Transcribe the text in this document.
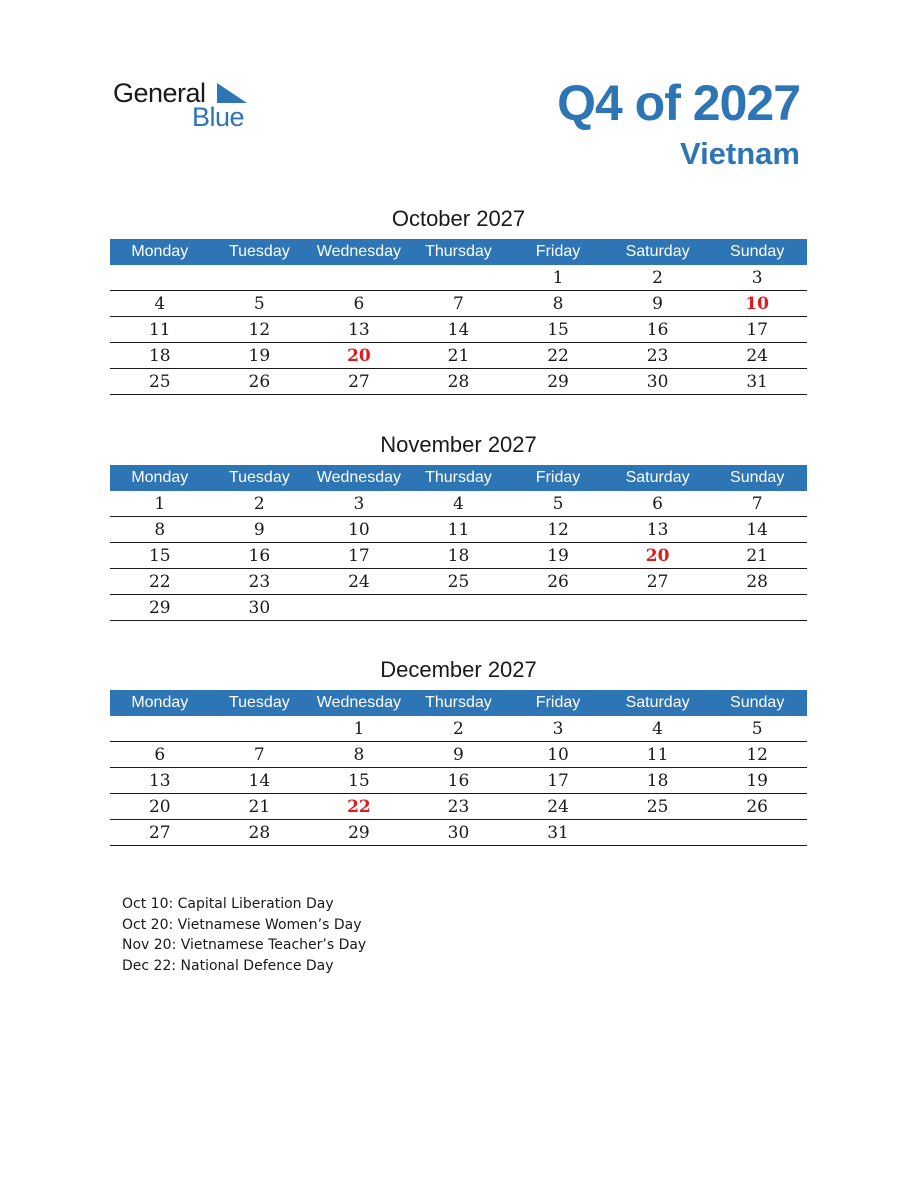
General
Blue	Q4 of 2027
Vietnam
October 2027
Monday	Tuesday	Wednesday	Thursday	Friday	Saturday	Sunday
				1	2	3
4	5	6	7	8	9	10
11	12	13	14	15	16	17
18	19	20	21	22	23	24
25	26	27	28	29	30	31
November 2027
Monday	Tuesday	Wednesday	Thursday	Friday	Saturday	Sunday
1	2	3	4	5	6	7
8	9	10	11	12	13	14
15	16	17	18	19	20	21
22	23	24	25	26	27	28
29	30					
December 2027
Monday	Tuesday	Wednesday	Thursday	Friday	Saturday	Sunday
		1	2	3	4	5
6	7	8	9	10	11	12
13	14	15	16	17	18	19
20	21	22	23	24	25	26
27	28	29	30	31		
Oct 10: Capital Liberation Day
Oct 20: Vietnamese Women’s Day
Nov 20: Vietnamese Teacher’s Day
Dec 22: National Defence Day
